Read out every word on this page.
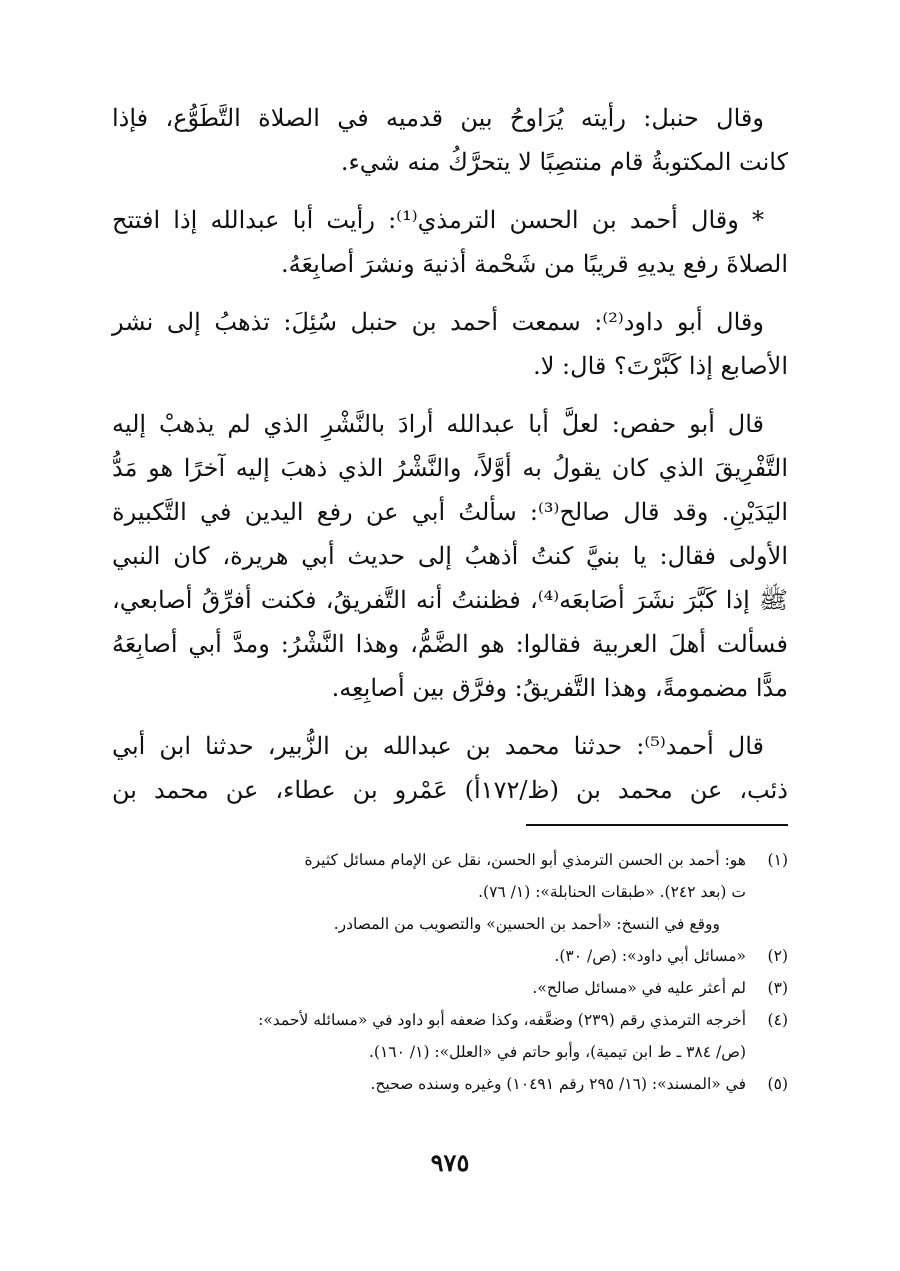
وقال حنبل: رأيته يُرَاوحُ بين قدميه في الصلاة التَّطَوُّع، فإذا
كانت المكتوبةُ قام منتصِبًا لا يتحرَّكُ منه شيء.

* وقال أحمد بن الحسن الترمذي⁽¹⁾: رأيت أبا عبدالله إذا افتتح
الصلاةَ رفع يديهِ قريبًا من شَحْمة أذنيهَ ونشرَ أصابِعَهُ.

وقال أبو داود⁽²⁾: سمعت أحمد بن حنبل سُئِلَ: تذهبُ إلى نشر
الأصابع إذا كَبَّرْتَ؟ قال: لا.

قال أبو حفص: لعلَّ أبا عبدالله أرادَ بالنَّشْرِ الذي لم يذهبْ إليه
التَّفْرِيقَ الذي كان يقولُ به أوَّلاً، والنَّشْرُ الذي ذهبَ إليه آخرًا هو مَدُّ
اليَدَيْنِ. وقد قال صالح⁽³⁾: سألتُ أبي عن رفع اليدين في التَّكبيرة
الأولى فقال: يا بنيَّ كنتُ أذهبُ إلى حديث أبي هريرة، كان النبي
ﷺ إذا كَبَّرَ نشَرَ أصَابعَه⁽⁴⁾، فظننتُ أنه التَّفريقُ، فكنت أفرِّقُ أصابعي،
فسألت أهلَ العربية فقالوا: هو الضَّمُّ، وهذا النَّشْرُ: ومدَّ أبي أصابِعَهُ
مدًّا مضمومةً، وهذا التَّفريقُ: وفرَّق بين أصابِعِه.

قال أحمد⁽⁵⁾: حدثنا محمد بن عبدالله بن الزُّبير، حدثنا ابن أبي
ذئب، عن محمد بن (ظ/١٧٢أ) عَمْرو بن عطاء، عن محمد بن

(١)
هو: أحمد بن الحسن الترمذي أبو الحسن، نقل عن الإمام مسائل كثيرة
ت (بعد ٢٤٢). «طبقات الحنابلة»: (١/ ٧٦).
ووقع في النسخ: «أحمد بن الحسين» والتصويب من المصادر.
(٢)
«مسائل أبي داود»: (ص/ ٣٠).
(٣)
لم أعثر عليه في «مسائل صالح».
(٤)
أخرجه الترمذي رقم (٢٣٩) وضعَّفه، وكذا ضعفه أبو داود في «مسائله لأحمد»:
(ص/ ٣٨٤ ـ ط ابن تيمية)، وأبو حاتم في «العلل»: (١/ ١٦٠).
(٥)
في «المسند»: (١٦/ ٢٩٥ رقم ١٠٤٩١) وغيره وسنده صحيح.
٩٧٥
